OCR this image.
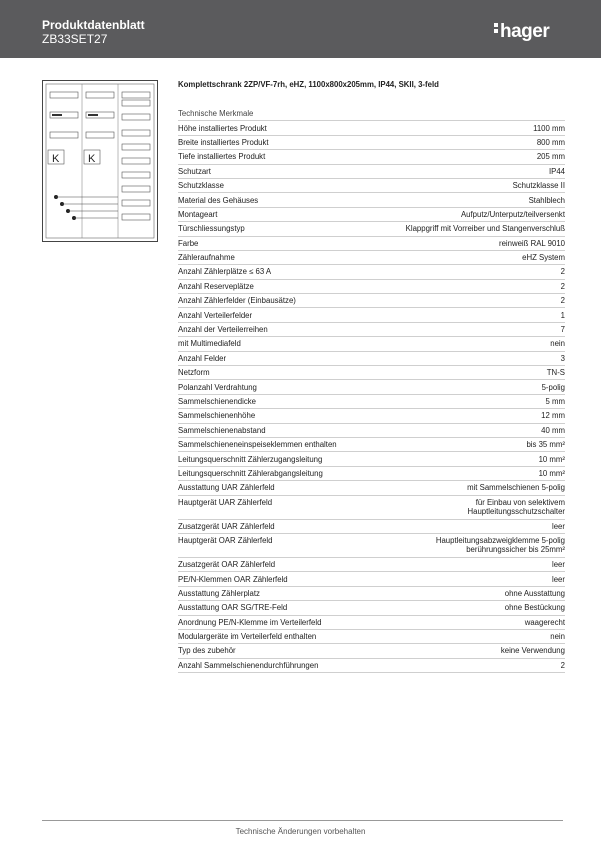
Produktdatenblatt
ZB33SET27	hager
K	K
Komplettschrank 2ZP/VF-7rh, eHZ, 1100x800x205mm, IP44, SKII, 3-feld
Technische Merkmale	
Höhe installiertes Produkt	1100 mm
Breite installiertes Produkt	800 mm
Tiefe installiertes Produkt	205 mm
Schutzart	IP44
Schutzklasse	Schutzklasse II
Material des Gehäuses	Stahlblech
Montageart	Aufputz/Unterputz/teilversenkt
Türschliessungstyp	Klappgriff mit Vorreiber und Stangenverschluß
Farbe	reinweiß RAL 9010
Zähleraufnahme	eHZ System
Anzahl Zählerplätze ≤ 63 A	2
Anzahl Reserveplätze	2
Anzahl Zählerfelder (Einbausätze)	2
Anzahl Verteilerfelder	1
Anzahl der Verteilerreihen	7
mit Multimediafeld	nein
Anzahl Felder	3
Netzform	TN-S
Polanzahl Verdrahtung	5-polig
Sammelschienendicke	5 mm
Sammelschienenhöhe	12 mm
Sammelschienenabstand	40 mm
Sammelschieneneinspeiseklemmen enthalten	bis 35 mm²
Leitungsquerschnitt Zählerzugangsleitung	10 mm²
Leitungsquerschnitt Zählerabgangsleitung	10 mm²
Ausstattung UAR Zählerfeld	mit Sammelschienen 5-polig
Hauptgerät UAR Zählerfeld	für Einbau von selektivem
Hauptleitungsschutzschalter

Zusatzgerät UAR Zählerfeld	leer
Hauptgerät OAR Zählerfeld	Hauptleitungsabzweigklemme 5-polig
berührungssicher bis 25mm²

Zusatzgerät OAR Zählerfeld	leer
PE/N-Klemmen OAR Zählerfeld	leer
Ausstattung Zählerplatz	ohne Ausstattung
Ausstattung OAR SG/TRE-Feld	ohne Bestückung
Anordnung PE/N-Klemme im Verteilerfeld	waagerecht
Modulargeräte im Verteilerfeld enthalten	nein
Typ des zubehör	keine Verwendung
Anzahl Sammelschienendurchführungen	2
Technische Änderungen vorbehalten
